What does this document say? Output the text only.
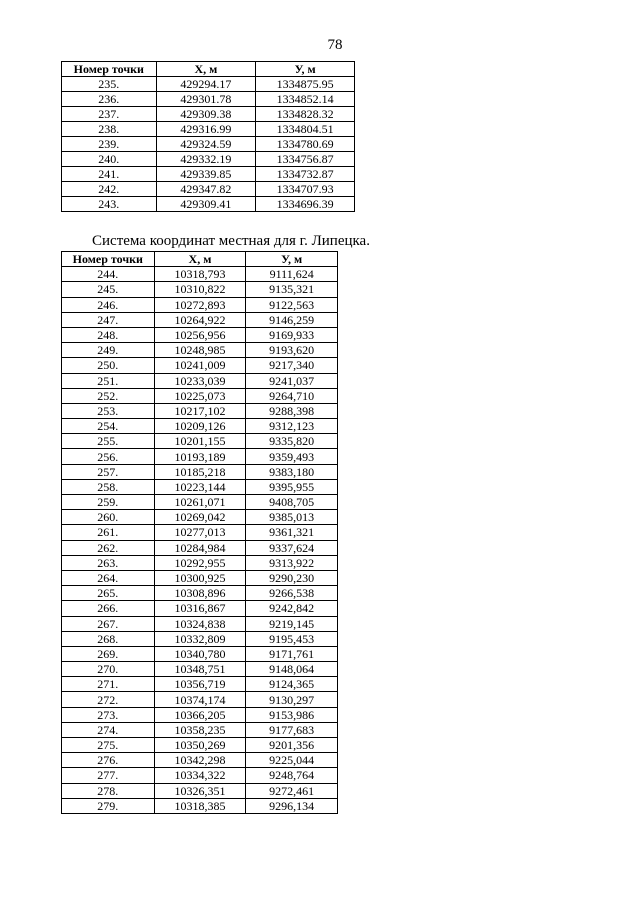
78
Номер точки	X, м	У, м
235.	429294.17	1334875.95
236.	429301.78	1334852.14
237.	429309.38	1334828.32
238.	429316.99	1334804.51
239.	429324.59	1334780.69
240.	429332.19	1334756.87
241.	429339.85	1334732.87
242.	429347.82	1334707.93
243.	429309.41	1334696.39
Система координат местная для г. Липецка.
Номер точки	X, м	У, м
244.	10318,793	9111,624
245.	10310,822	9135,321
246.	10272,893	9122,563
247.	10264,922	9146,259
248.	10256,956	9169,933
249.	10248,985	9193,620
250.	10241,009	9217,340
251.	10233,039	9241,037
252.	10225,073	9264,710
253.	10217,102	9288,398
254.	10209,126	9312,123
255.	10201,155	9335,820
256.	10193,189	9359,493
257.	10185,218	9383,180
258.	10223,144	9395,955
259.	10261,071	9408,705
260.	10269,042	9385,013
261.	10277,013	9361,321
262.	10284,984	9337,624
263.	10292,955	9313,922
264.	10300,925	9290,230
265.	10308,896	9266,538
266.	10316,867	9242,842
267.	10324,838	9219,145
268.	10332,809	9195,453
269.	10340,780	9171,761
270.	10348,751	9148,064
271.	10356,719	9124,365
272.	10374,174	9130,297
273.	10366,205	9153,986
274.	10358,235	9177,683
275.	10350,269	9201,356
276.	10342,298	9225,044
277.	10334,322	9248,764
278.	10326,351	9272,461
279.	10318,385	9296,134
